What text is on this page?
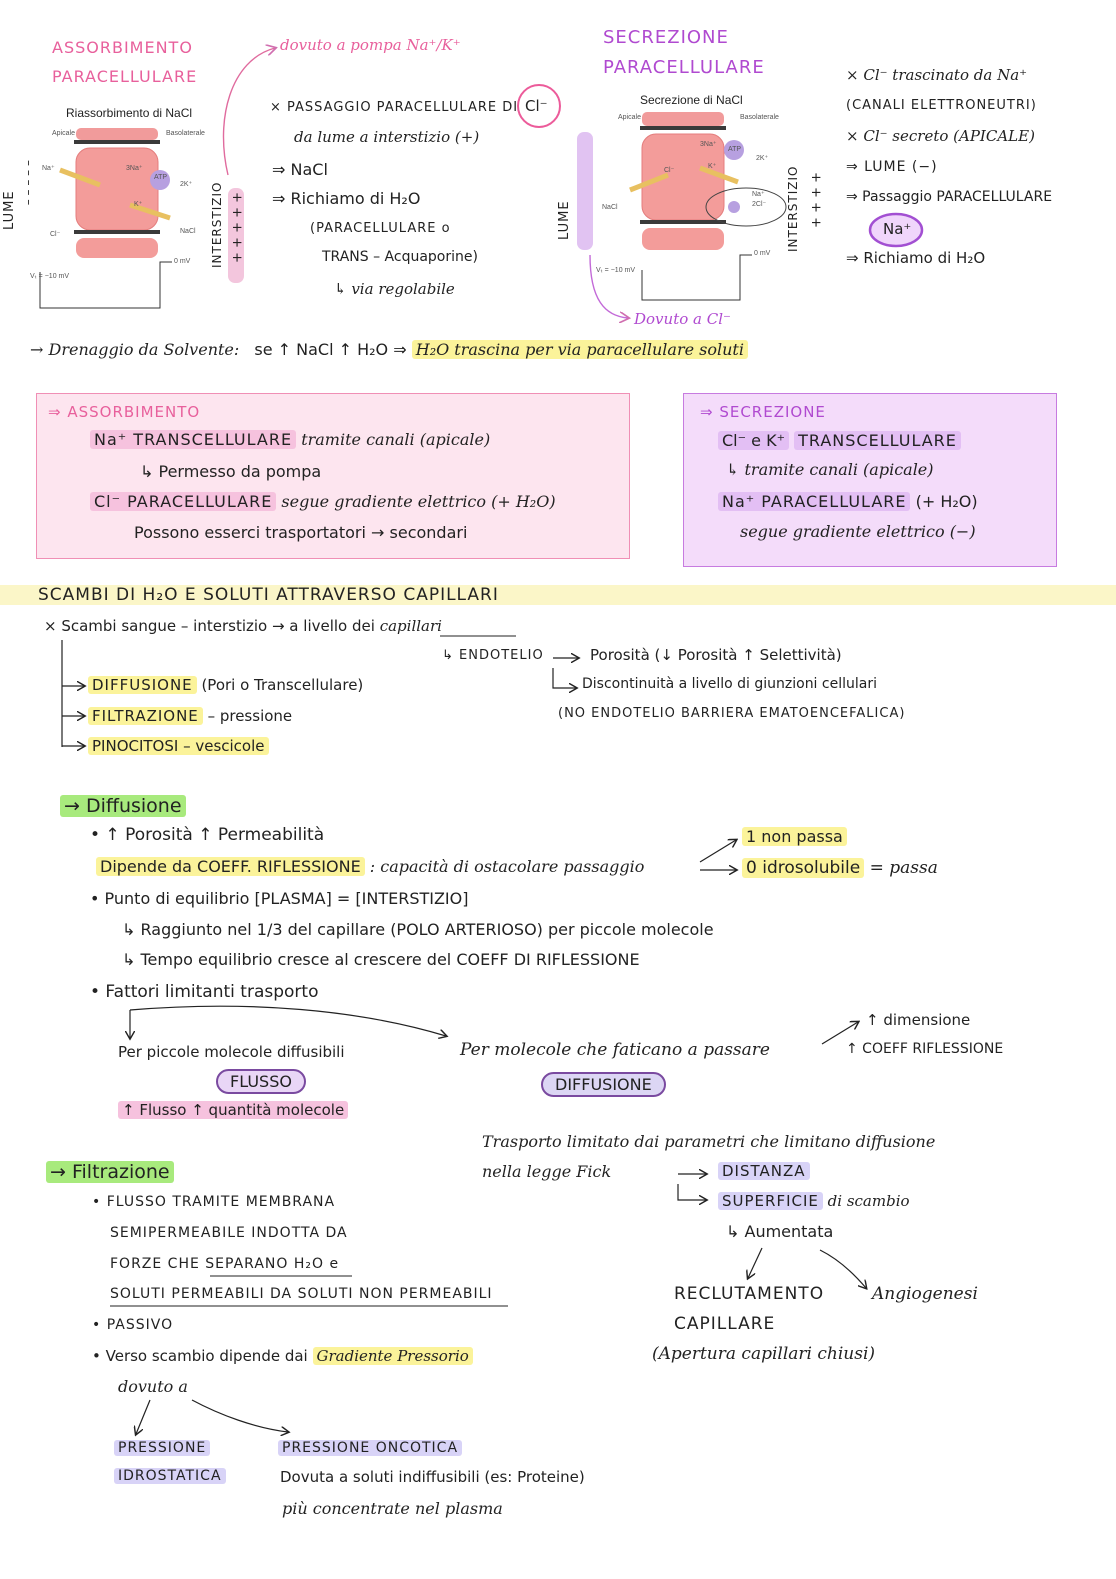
ASSORBIMENTO
PARACELLULARE
Riassorbimento di NaCl
Apicale	Basolaterale
Na⁺	3Na⁺
ATP
2K⁺
K⁺
Cl⁻	NaCl
0 mV
Vₜ = −10 mV
LUME
– – – – –	INTERSTIZIO + + + + +
dovuto a pompa Na⁺/K⁺
× PASSAGGIO PARACELLULARE DI Cl⁻
da lume a interstizio (+)
⇒ NaCl
⇒ Richiamo di H₂O
(PARACELLULARE o
TRANS – Acquaporine)
↳ via regolabile
SECREZIONE
PARACELLULARE
Secrezione di NaCl
Apicale	Basolaterale
3Na⁺
ATP
2K⁺
K⁺
Cl⁻
NaCl
Na⁺
2Cl⁻
0 mV
Vₜ = −10 mV
LUME	INTERSTIZIO + + + +
Dovuto a Cl⁻
× Cl⁻ trascinato da Na⁺
(CANALI ELETTRONEUTRI)
× Cl⁻ secreto (APICALE)
⇒ LUME (−)
⇒ Passaggio PARACELLULARE
Na⁺
⇒ Richiamo di H₂O
→ Drenaggio da Solvente: se ↑ NaCl ↑ H₂O ⇒ H₂O trascina per via paracellulare soluti
⇒ ASSORBIMENTO
Na⁺ TRANSCELLULARE tramite canali (apicale)
↳ Permesso da pompa
Cl⁻ PARACELLULARE segue gradiente elettrico (+ H₂O)
Possono esserci trasportatori → secondari
⇒ SECREZIONE
Cl⁻ e K⁺ TRANSCELLULARE
↳ tramite canali (apicale)
Na⁺ PARACELLULARE (+ H₂O)
segue gradiente elettrico (−)
SCAMBI DI H₂O E SOLUTI ATTRAVERSO CAPILLARI
× Scambi sangue – interstizio → a livello dei capillari
↳ ENDOTELIO	Porosità (↓ Porosità ↑ Selettività)
Discontinuità a livello di giunzioni cellulari
(NO ENDOTELIO BARRIERA EMATOENCEFALICA)
DIFFUSIONE (Pori o Transcellulare)
FILTRAZIONE – pressione
PINOCITOSI – vescicole
→ Diffusione
• ↑ Porosità ↑ Permeabilità
Dipende da COEFF. RIFLESSIONE : capacità di ostacolare passaggio
1 non passa
0 idrosolubile = passa
• Punto di equilibrio [PLASMA] = [INTERSTIZIO]
↳ Raggiunto nel 1/3 del capillare (POLO ARTERIOSO) per piccole molecole
↳ Tempo equilibrio cresce al crescere del COEFF DI RIFLESSIONE
• Fattori limitanti trasporto
Per piccole molecole diffusibili
FLUSSO
↑ Flusso ↑ quantità molecole
Per molecole che faticano a passare
DIFFUSIONE
↑ dimensione
↑ COEFF RIFLESSIONE
Trasporto limitato dai parametri che limitano diffusione
nella legge Fick	DISTANZA
SUPERFICIE di scambio
↳ Aumentata
RECLUTAMENTO
CAPILLARE
(Apertura capillari chiusi)
Angiogenesi
→ Filtrazione
• FLUSSO TRAMITE MEMBRANA
SEMIPERMEABILE INDOTTA DA
FORZE CHE SEPARANO H₂O e
SOLUTI PERMEABILI DA SOLUTI NON PERMEABILI
• PASSIVO
• Verso scambio dipende dai Gradiente Pressorio
dovuto a
PRESSIONE
IDROSTATICA
PRESSIONE ONCOTICA
Dovuta a soluti indiffusibili (es: Proteine)
più concentrate nel plasma
